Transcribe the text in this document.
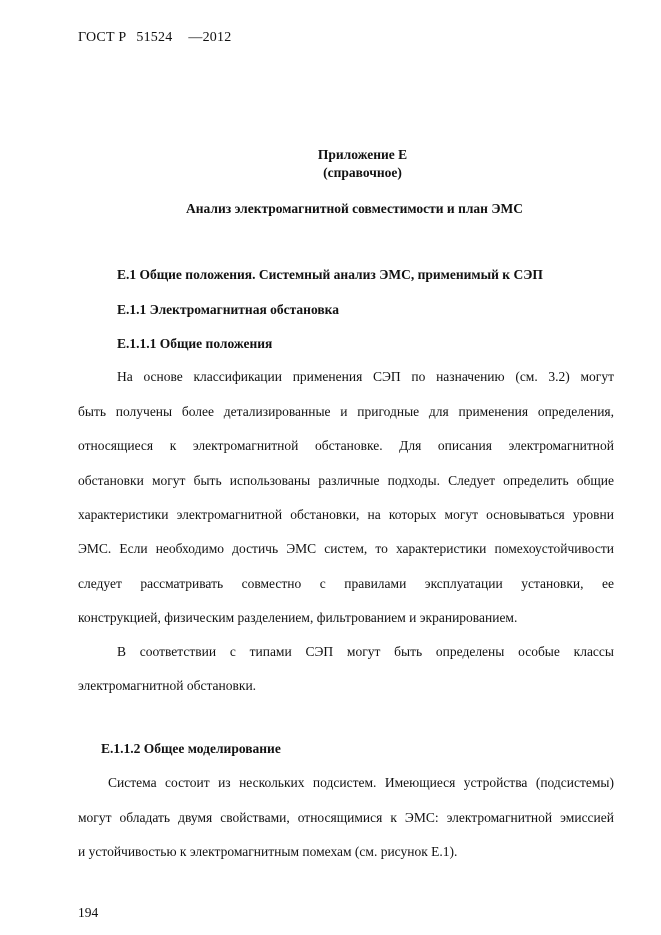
ГОСТ Р 51524 —2012
Приложение Е
(справочное)
Анализ электромагнитной совместимости и план ЭМС
Е.1 Общие положения. Системный анализ ЭМС, применимый к СЭП
Е.1.1 Электромагнитная обстановка
Е.1.1.1 Общие положения
На основе классификации применения СЭП по назначению (см. 3.2) могут
быть получены более детализированные и пригодные для применения определения,
относящиеся к электромагнитной обстановке. Для описания электромагнитной
обстановки могут быть использованы различные подходы. Следует определить общие
характеристики электромагнитной обстановки, на которых могут основываться уровни
ЭМС. Если необходимо достичь ЭМС систем, то характеристики помехоустойчивости
следует рассматривать совместно с правилами эксплуатации установки, ее
конструкцией, физическим разделением, фильтрованием и экранированием.
В соответствии с типами СЭП могут быть определены особые классы
электромагнитной обстановки.
Е.1.1.2 Общее моделирование
Система состоит из нескольких подсистем. Имеющиеся устройства (подсистемы)
могут обладать двумя свойствами, относящимися к ЭМС: электромагнитной эмиссией
и устойчивостью к электромагнитным помехам (см. рисунок Е.1).
194
